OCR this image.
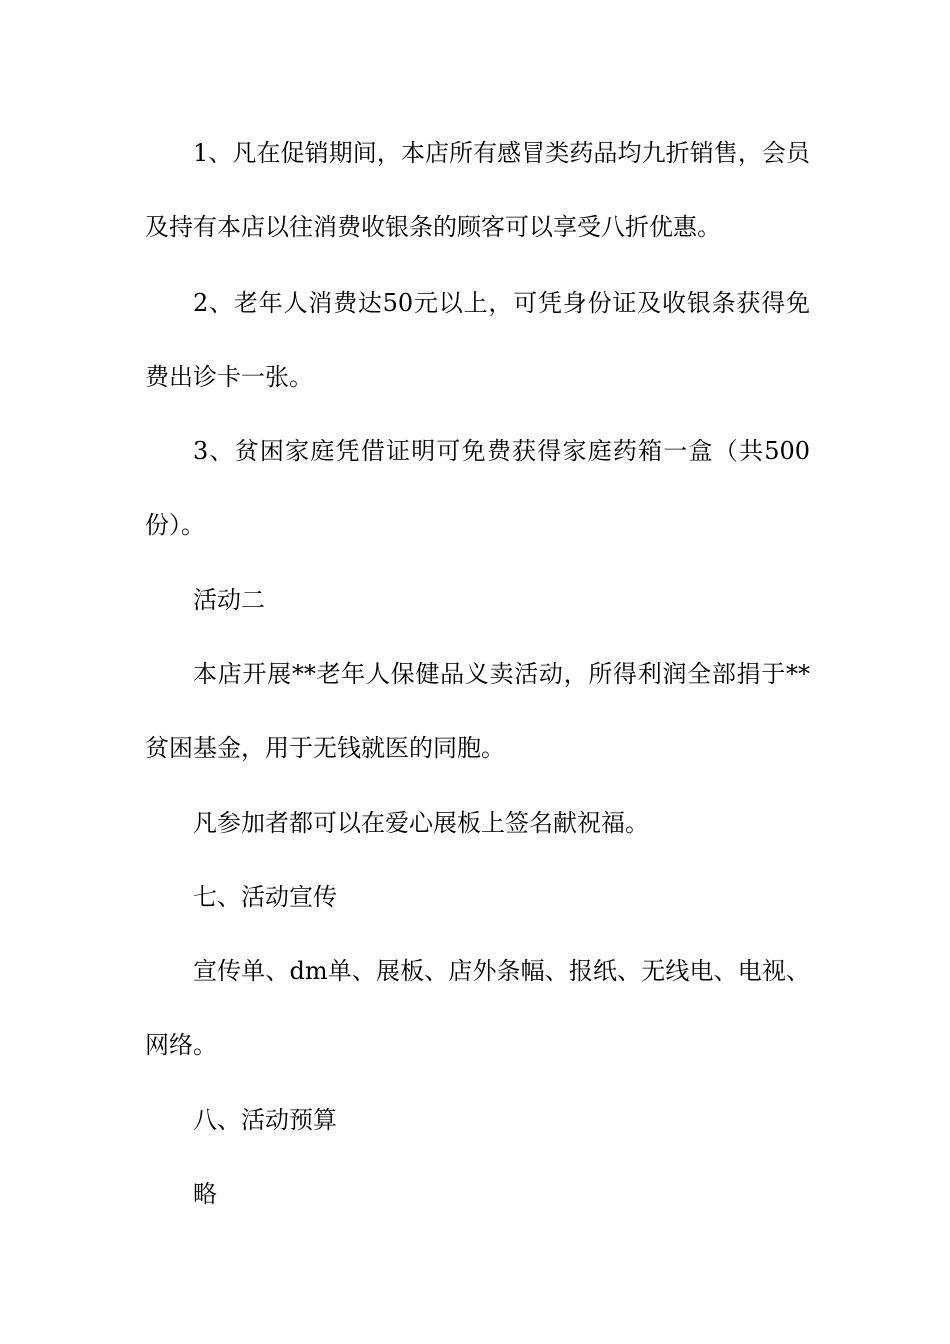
1、凡在促销期间，本店所有感冒类药品均九折销售，会员及持有本店以往消费收银条的顾客可以享受八折优惠。

2、老年人消费达50元以上，可凭身份证及收银条获得免费出诊卡一张。

3、贫困家庭凭借证明可免费获得家庭药箱一盒（共500份）。

活动二

本店开展**老年人保健品义卖活动，所得利润全部捐于**贫困基金，用于无钱就医的同胞。

凡参加者都可以在爱心展板上签名献祝福。

七、活动宣传

宣传单、dm单、展板、店外条幅、报纸、无线电、电视、网络。

八、活动预算

略
